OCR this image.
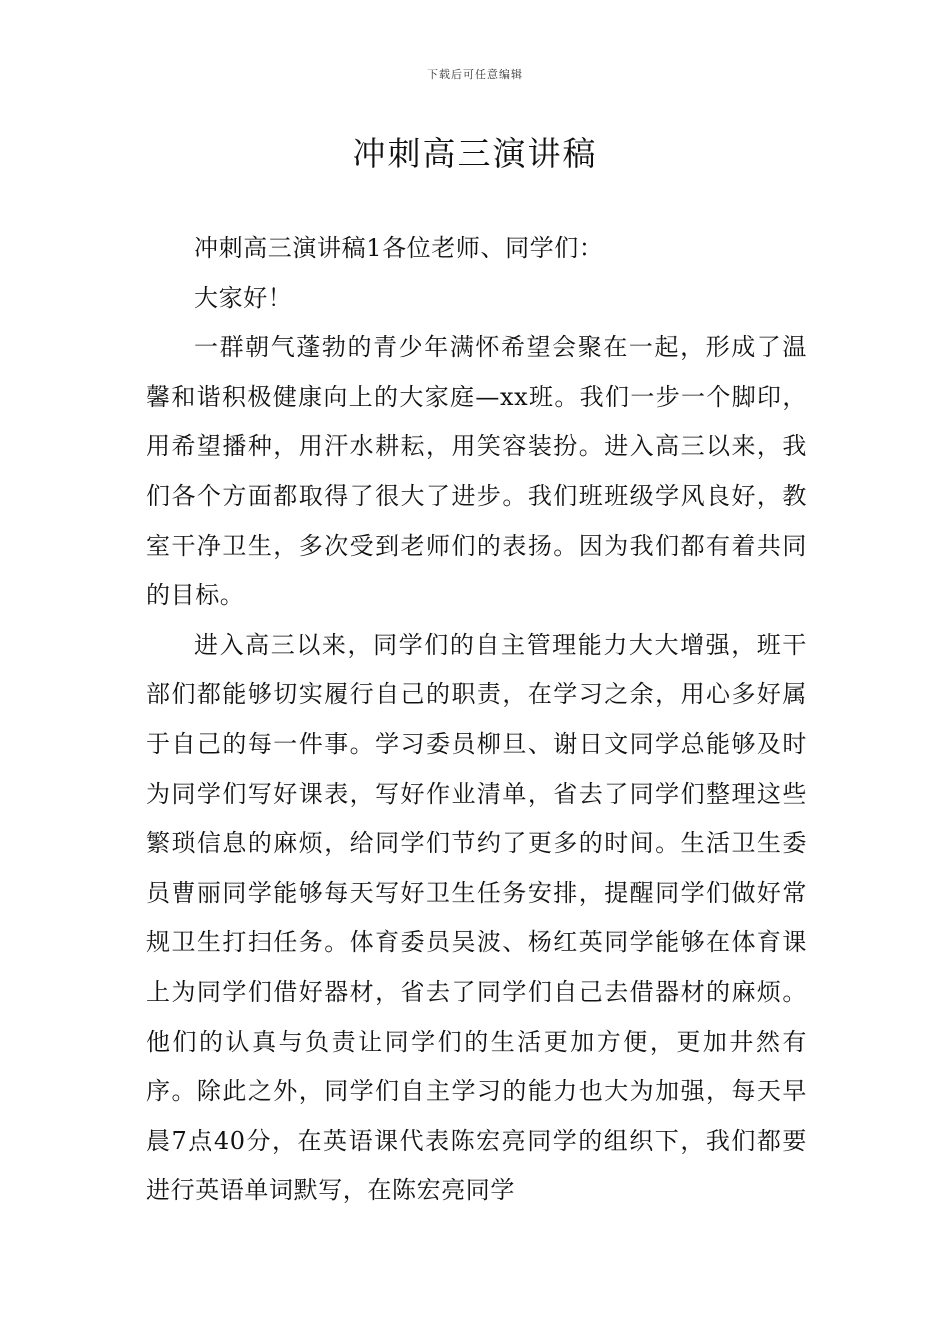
下载后可任意编辑
冲刺高三演讲稿

冲刺高三演讲稿1各位老师、同学们：

大家好！

一群朝气蓬勃的青少年满怀希望会聚在一起，形成了温馨和谐积极健康向上的大家庭—xx班。我们一步一个脚印，用希望播种，用汗水耕耘，用笑容装扮。进入高三以来，我们各个方面都取得了很大了进步。我们班班级学风良好，教室干净卫生，多次受到老师们的表扬。因为我们都有着共同的目标。

进入高三以来，同学们的自主管理能力大大增强，班干部们都能够切实履行自己的职责，在学习之余，用心多好属于自己的每一件事。学习委员柳旦、谢日文同学总能够及时为同学们写好课表，写好作业清单，省去了同学们整理这些繁琐信息的麻烦，给同学们节约了更多的时间。生活卫生委员曹丽同学能够每天写好卫生任务安排，提醒同学们做好常规卫生打扫任务。体育委员吴波、杨红英同学能够在体育课上为同学们借好器材，省去了同学们自己去借器材的麻烦。他们的认真与负责让同学们的生活更加方便，更加井然有序。除此之外，同学们自主学习的能力也大为加强，每天早晨7点40分，在英语课代表陈宏亮同学的组织下，我们都要进行英语单词默写，在陈宏亮同学
